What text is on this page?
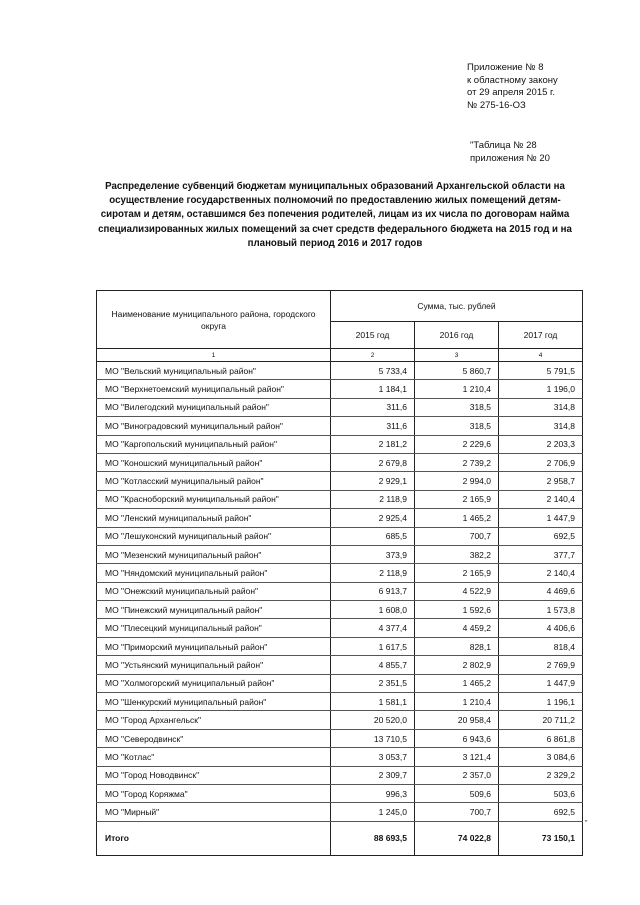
Приложение № 8
к областному закону
от 29 апреля 2015 г.
№ 275-16-ОЗ
"Таблица № 28
приложения № 20
Распределение субвенций бюджетам муниципальных образований Архангельской области на осуществление государственных полномочий по предоставлению жилых помещений детям-сиротам и детям, оставшимся без попечения родителей, лицам из их числа по договорам найма специализированных жилых помещений за счет средств федерального бюджета на 2015 год и на плановый период 2016 и 2017 годов
Наименование муниципального района, городского округа	Сумма, тыс. рублей		
	2015 год	2016 год	2017 год
1	2	3	4
МО "Вельский муниципальный район"	5 733,4	5 860,7	5 791,5
МО "Верхнетоемский муниципальный район"	1 184,1	1 210,4	1 196,0
МО "Вилегодский муниципальный район"	311,6	318,5	314,8
МО "Виноградовский муниципальный район"	311,6	318,5	314,8
МО "Каргопольский муниципальный район"	2 181,2	2 229,6	2 203,3
МО "Коношский муниципальный район"	2 679,8	2 739,2	2 706,9
МО "Котласский муниципальный район"	2 929,1	2 994,0	2 958,7
МО "Красноборский муниципальный район"	2 118,9	2 165,9	2 140,4
МО "Ленский муниципальный район"	2 925,4	1 465,2	1 447,9
МО "Лешуконский муниципальный район"	685,5	700,7	692,5
МО "Мезенский муниципальный район"	373,9	382,2	377,7
МО "Няндомский муниципальный район"	2 118,9	2 165,9	2 140,4
МО "Онежский муниципальный район"	6 913,7	4 522,9	4 469,6
МО "Пинежский муниципальный район"	1 608,0	1 592,6	1 573,8
МО "Плесецкий муниципальный район"	4 377,4	4 459,2	4 406,6
МО "Приморский муниципальный район"	1 617,5	828,1	818,4
МО "Устьянский муниципальный район"	4 855,7	2 802,9	2 769,9
МО "Холмогорский муниципальный район"	2 351,5	1 465,2	1 447,9
МО "Шенкурский муниципальный район"	1 581,1	1 210,4	1 196,1
МО "Город Архангельск"	20 520,0	20 958,4	20 711,2
МО "Северодвинск"	13 710,5	6 943,6	6 861,8
МО "Котлас"	3 053,7	3 121,4	3 084,6
МО "Город Новодвинск"	2 309,7	2 357,0	2 329,2
МО "Город Коряжма"	996,3	509,6	503,6
МО "Мирный"	1 245,0	700,7	692,5
Итого	88 693,5	74 022,8	73 150,1
"
